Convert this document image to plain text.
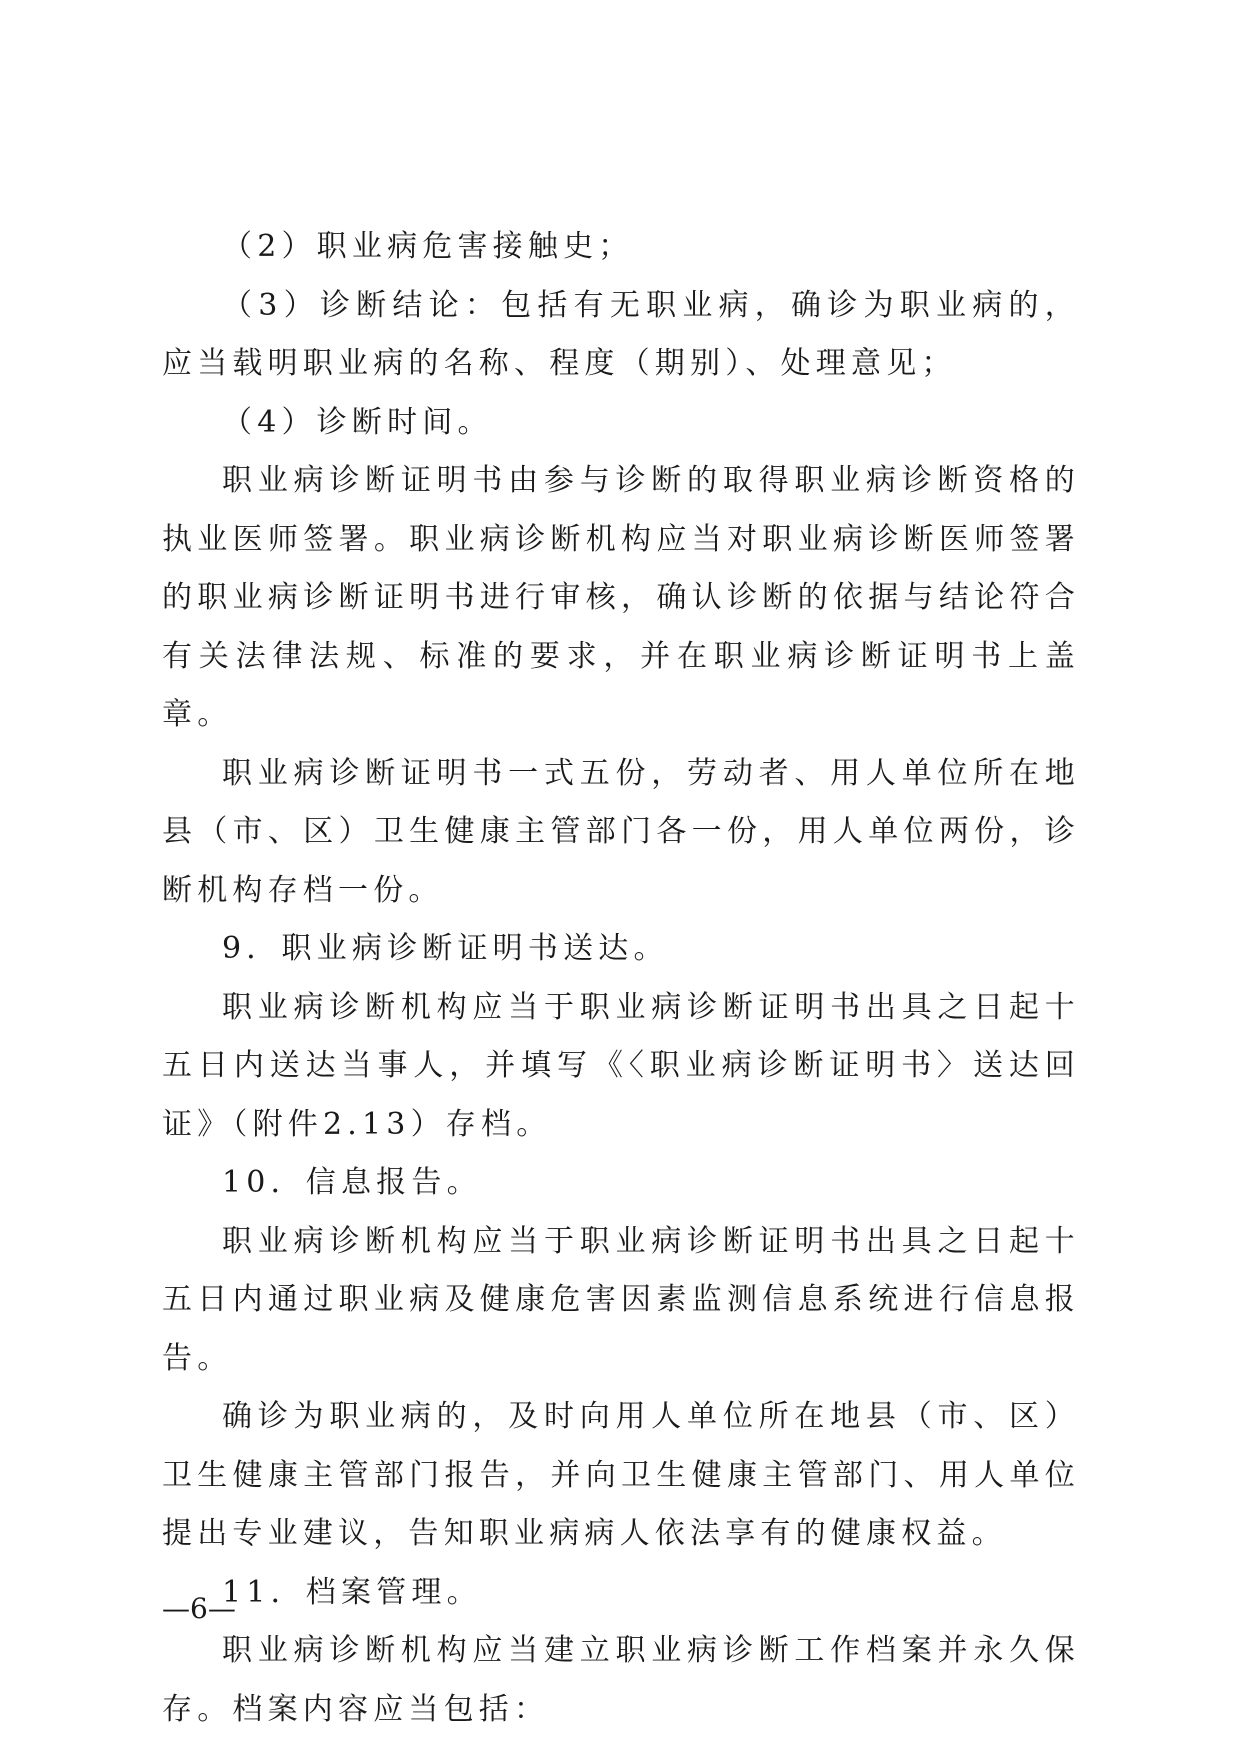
（2）职业病危害接触史；

（3）诊断结论：包括有无职业病，确诊为职业病的，应当载明职业病的名称、程度（期别）、处理意见；

（4）诊断时间。

职业病诊断证明书由参与诊断的取得职业病诊断资格的执业医师签署。职业病诊断机构应当对职业病诊断医师签署的职业病诊断证明书进行审核，确认诊断的依据与结论符合有关法律法规、标准的要求，并在职业病诊断证明书上盖章。

职业病诊断证明书一式五份，劳动者、用人单位所在地县（市、区）卫生健康主管部门各一份，用人单位两份，诊断机构存档一份。

9．职业病诊断证明书送达。

职业病诊断机构应当于职业病诊断证明书出具之日起十五日内送达当事人，并填写《〈职业病诊断证明书〉送达回证》（附件2.13）存档。

10．信息报告。

职业病诊断机构应当于职业病诊断证明书出具之日起十五日内通过职业病及健康危害因素监测信息系统进行信息报告。

确诊为职业病的，及时向用人单位所在地县（市、区）卫生健康主管部门报告，并向卫生健康主管部门、用人单位提出专业建议，告知职业病病人依法享有的健康权益。

11．档案管理。

职业病诊断机构应当建立职业病诊断工作档案并永久保存。档案内容应当包括：

—6—
